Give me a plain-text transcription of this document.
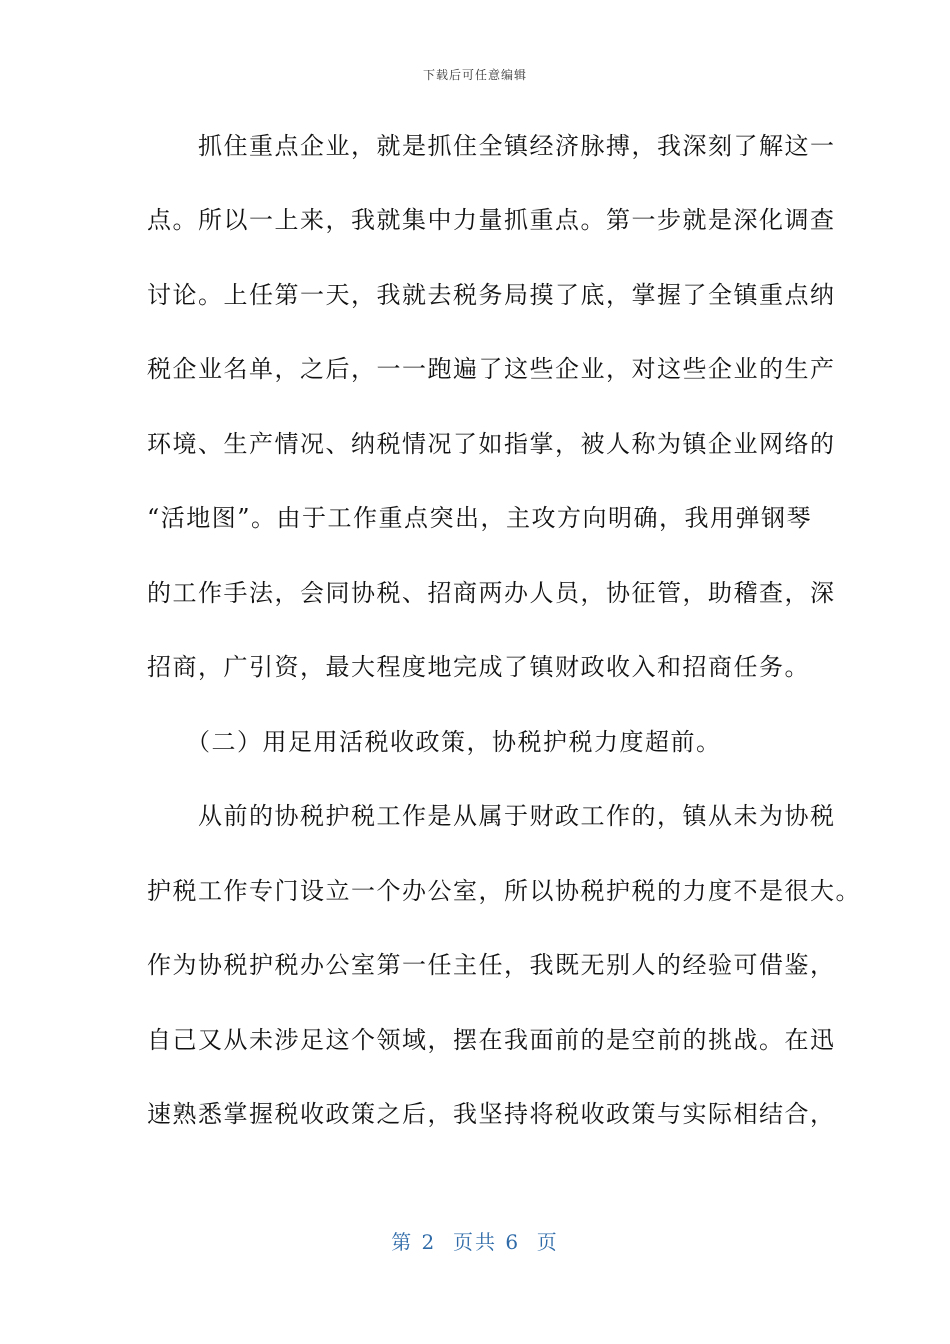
下载后可任意编辑
　　抓住重点企业，就是抓住全镇经济脉搏，我深刻了解这一
点。所以一上来，我就集中力量抓重点。第一步就是深化调查
讨论。上任第一天，我就去税务局摸了底，掌握了全镇重点纳
税企业名单，之后，一一跑遍了这些企业，对这些企业的生产
环境、生产情况、纳税情况了如指掌，被人称为镇企业网络的
“活地图”。由于工作重点突出，主攻方向明确，我用弹钢琴
的工作手法，会同协税、招商两办人员，协征管，助稽查，深
招商，广引资，最大程度地完成了镇财政收入和招商任务。
　　（二）用足用活税收政策，协税护税力度超前。
　　从前的协税护税工作是从属于财政工作的，镇从未为协税
护税工作专门设立一个办公室，所以协税护税的力度不是很大。
作为协税护税办公室第一任主任，我既无别人的经验可借鉴，
自己又从未涉足这个领域，摆在我面前的是空前的挑战。在迅
速熟悉掌握税收政策之后，我坚持将税收政策与实际相结合，
第 2  页共 6  页
